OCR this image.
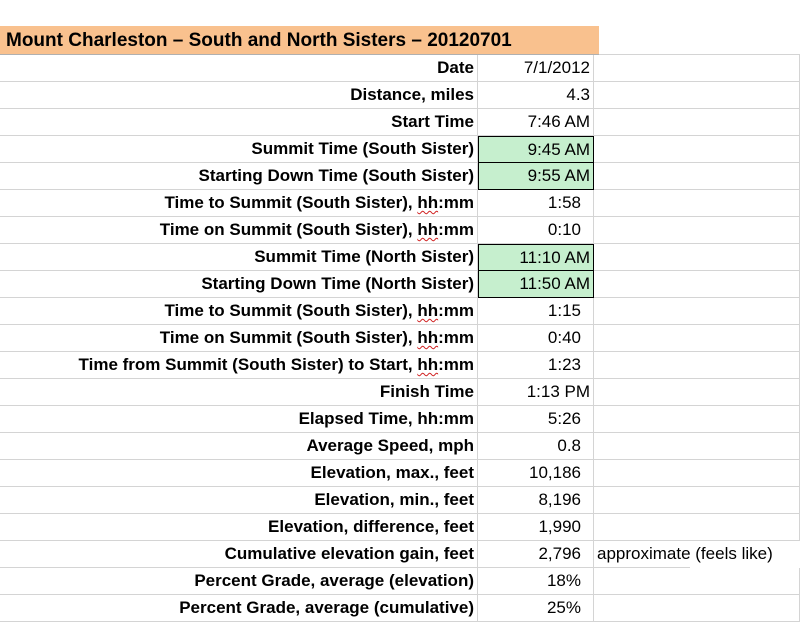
Mount Charleston – South and North Sisters – 20120701
Date	7/1/2012
Distance, miles	4.3
Start Time	7:46 AM
Summit Time (South Sister)	9:45 AM
Starting Down Time (South Sister)	9:55 AM
Time to Summit (South Sister), hh:mm	1:58
Time on Summit (South Sister), hh:mm	0:10
Summit Time (North Sister)	11:10 AM
Starting Down Time (North Sister)	11:50 AM
Time to Summit (South Sister), hh:mm	1:15
Time on Summit (South Sister), hh:mm	0:40
Time from Summit (South Sister) to Start, hh:mm	1:23
Finish Time	1:13 PM
Elapsed Time, hh:mm	5:26
Average Speed, mph	0.8
Elevation, max., feet	10,186
Elevation, min., feet	8,196
Elevation, difference, feet	1,990
Cumulative elevation gain, feet	2,796 approximate (feels like)
Percent Grade, average (elevation)	18%
Percent Grade, average (cumulative)	25%
